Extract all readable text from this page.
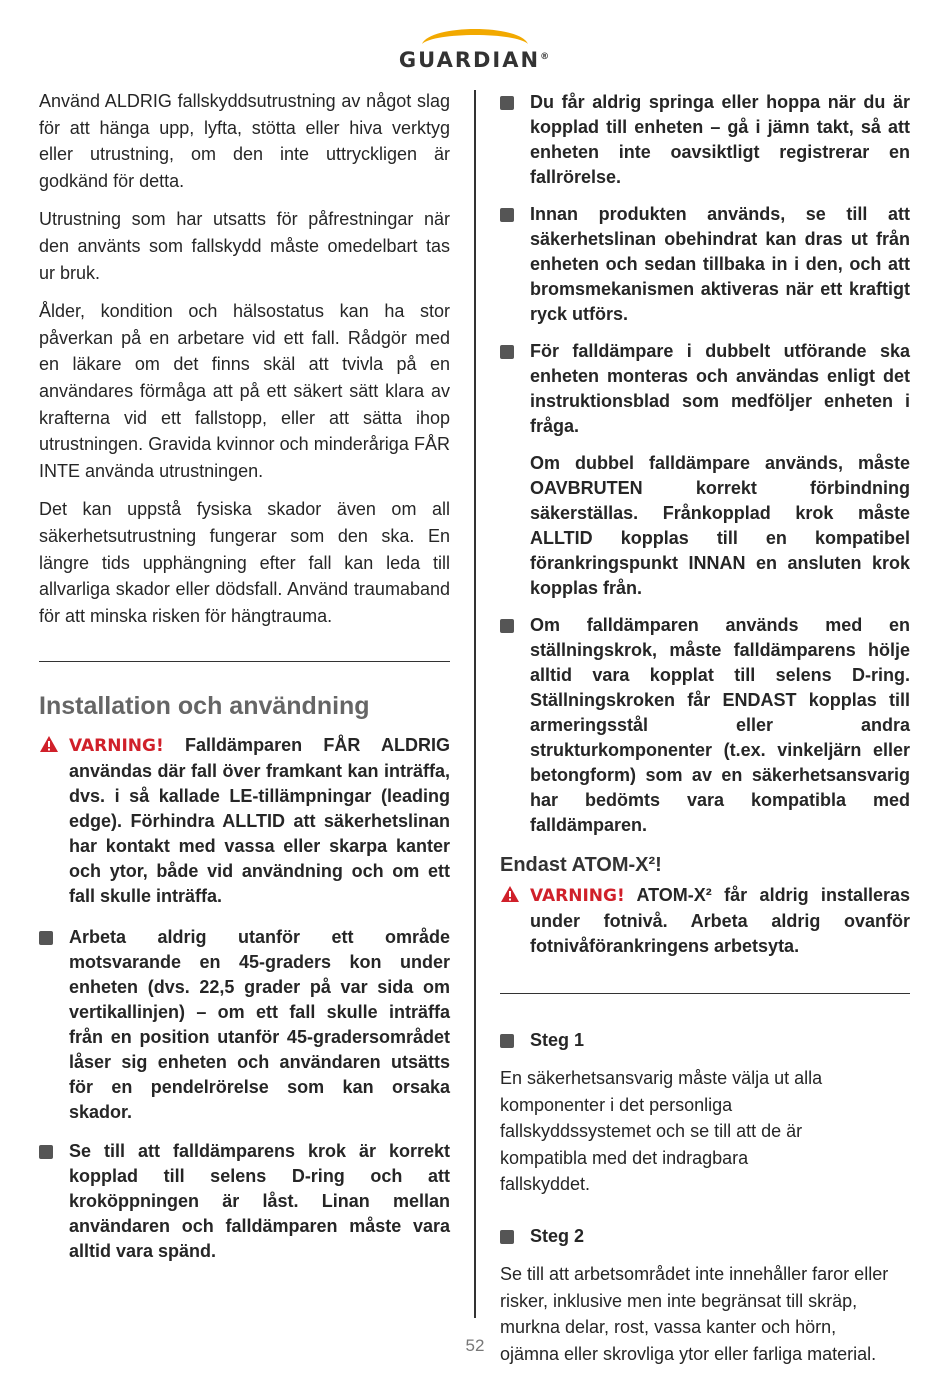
GUARDIAN®

Använd ALDRIG fallskyddsutrustning av något slag för att hänga upp, lyfta, stötta eller hiva verktyg eller utrustning, om den inte uttryckligen är godkänd för detta.

Utrustning som har utsatts för påfrestningar när den använts som fallskydd måste omedelbart tas ur bruk.

Ålder, kondition och hälsostatus kan ha stor påverkan på en arbetare vid ett fall. Rådgör med en läkare om det finns skäl att tvivla på en användares förmåga att på ett säkert sätt klara av krafterna vid ett fallstopp, eller att sätta ihop utrustningen. Gravida kvinnor och minderåriga FÅR INTE använda utrustningen.

Det kan uppstå fysiska skador även om all säkerhetsutrustning fungerar som den ska. En längre tids upphängning efter fall kan leda till allvarliga skador eller dödsfall. Använd traumaband för att minska risken för hängtrauma.

Installation och användning
VARNING! Falldämparen FÅR ALDRIG användas där fall över framkant kan inträffa, dvs. i så kallade LE-tillämpningar (leading edge). Förhindra ALLTID att säkerhetslinan har kontakt med vassa eller skarpa kanter och ytor, både vid användning och om ett fall skulle inträffa.
Arbeta aldrig utanför ett område motsvarande en 45-graders kon under enheten (dvs. 22,5 grader på var sida om vertikallinjen) – om ett fall skulle inträffa från en position utanför 45-gradersområdet låser sig enheten och användaren utsätts för en pendelrörelse som kan orsaka skador.
Se till att falldämparens krok är korrekt kopplad till selens D-ring och att kroköppningen är låst. Linan mellan användaren och falldämparen måste vara alltid vara spänd.
Du får aldrig springa eller hoppa när du är kopplad till enheten – gå i jämn takt, så att enheten inte oavsiktligt registrerar en fallrörelse.
Innan produkten används, se till att säkerhetslinan obehindrat kan dras ut från enheten och sedan tillbaka in i den, och att bromsmekanismen aktiveras när ett kraftigt ryck utförs.
För falldämpare i dubbelt utförande ska enheten monteras och användas enligt det instruktionsblad som medföljer enheten i fråga.
Om dubbel falldämpare används, måste OAVBRUTEN korrekt förbindning säkerställas. Frånkopplad krok måste ALLTID kopplas till en kompatibel förankringspunkt INNAN en ansluten krok kopplas från.
Om falldämparen används med en ställningskrok, måste falldämparens hölje alltid vara kopplat till selens D-ring. Ställningskroken får ENDAST kopplas till armeringsstål eller andra strukturkomponenter (t.ex. vinkeljärn eller betongform) som av en säkerhetsansvarig har bedömts vara kompatibla med falldämparen.
Endast ATOM-X²!
VARNING! ATOM-X² får aldrig installeras under fotnivå. Arbeta aldrig ovanför fotnivåförankringens arbetsyta.
Steg 1

En säkerhetsansvarig måste välja ut alla komponenter i det personliga fallskyddssystemet och se till att de är kompatibla med det indragbara fallskyddet.

Steg 2

Se till att arbetsområdet inte innehåller faror eller risker, inklusive men inte begränsat till skräp, murkna delar, rost, vassa kanter och hörn, ojämna eller skrovliga ytor eller farliga material.

52
